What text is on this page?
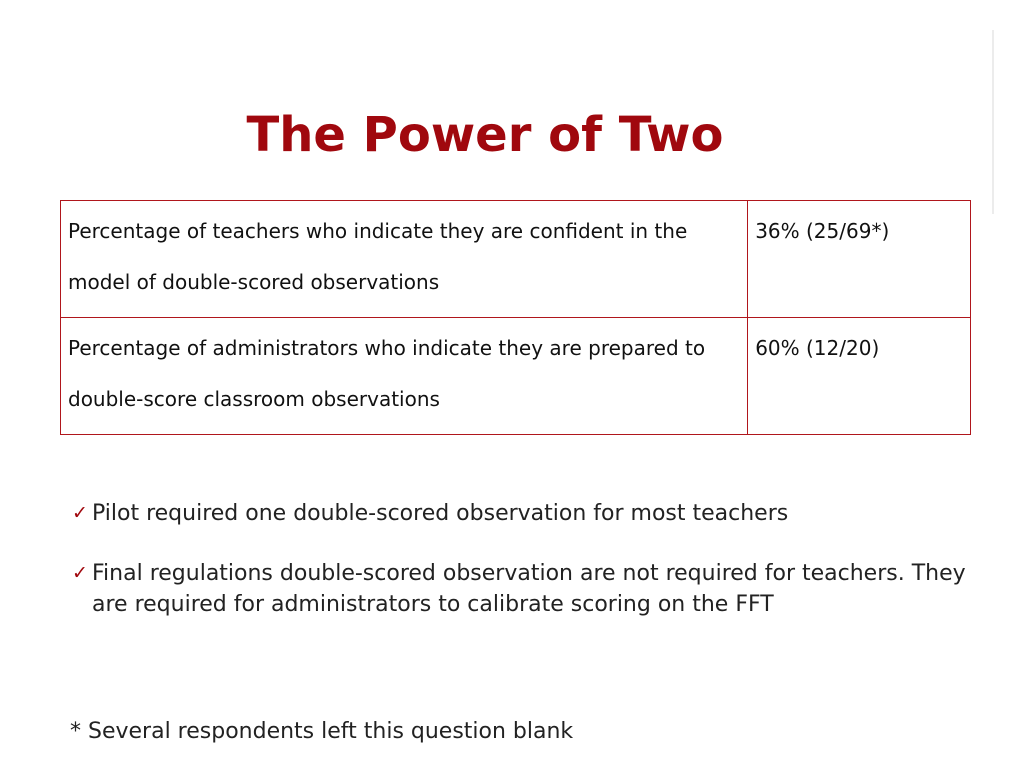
The Power of Two
Percentage of teachers who indicate they are confident in the model of double-scored observations	36% (25/69*)
Percentage of administrators who indicate they are prepared to double-score classroom observations	60% (12/20)
✓ Pilot required one double-scored observation for most teachers
✓ Final regulations double-scored observation are not required for teachers. They are required for administrators to calibrate scoring on the FFT
* Several respondents left this question blank
